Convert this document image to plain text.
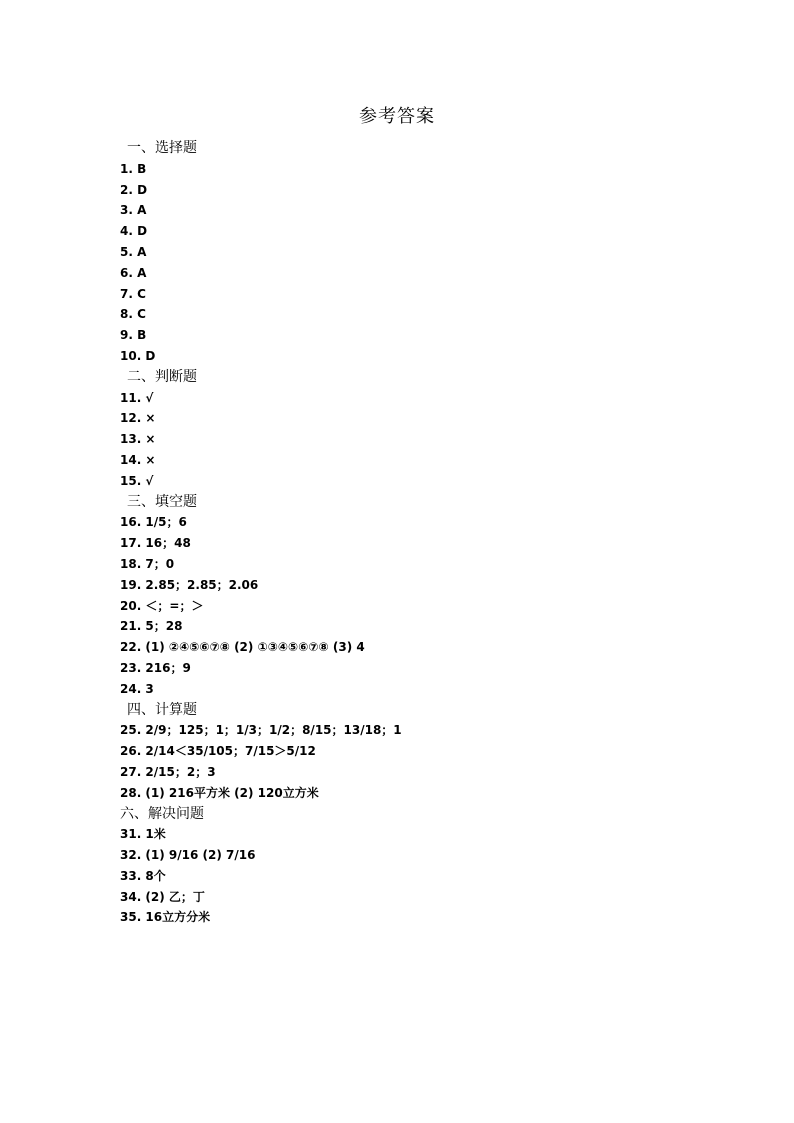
参考答案
一、选择题
1. B
2. D
3. A
4. D
5. A
6. A
7. C
8. C
9. B
10. D
二、判断题
11. √
12. ×
13. ×
14. ×
15. √
三、填空题
16. 1/5；6
17. 16；48
18. 7；0
19. 2.85；2.85；2.06
20. ＜；=；＞
21. 5；28
22. (1) ②④⑤⑥⑦⑧ (2) ①③④⑤⑥⑦⑧ (3) 4
23. 216；9
24. 3
四、计算题
25. 2/9；125；1；1/3；1/2；8/15；13/18；1
26. 2/14＜35/105；7/15＞5/12
27. 2/15；2；3
28. (1) 216平方米 (2) 120立方米
六、解决问题
31. 1米
32. (1) 9/16 (2) 7/16
33. 8个
34. (2) 乙；丁
35. 16立方分米
